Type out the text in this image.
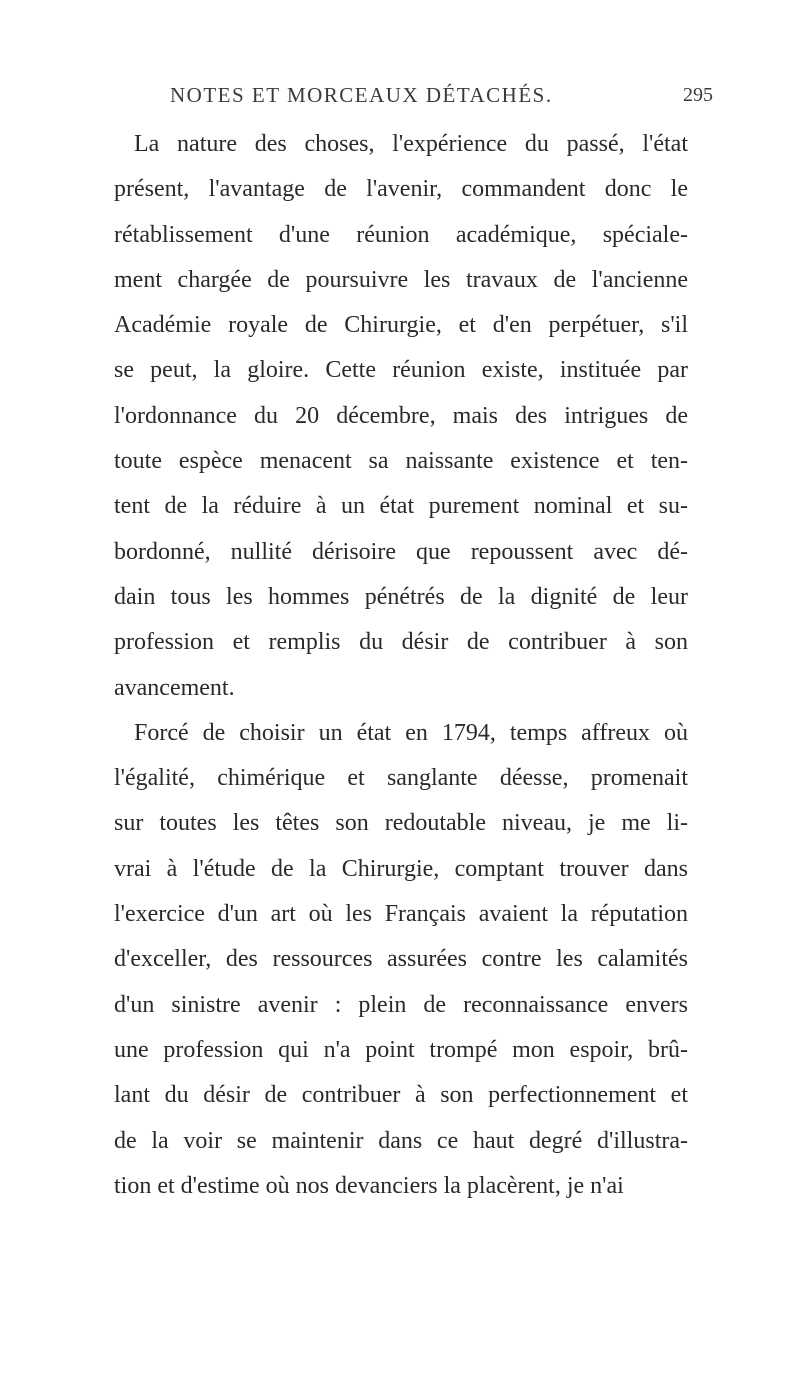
NOTES ET MORCEAUX DÉTACHÉS.	295
La nature des choses, l'expérience du passé, l'état
présent, l'avantage de l'avenir, commandent donc le
rétablissement d'une réunion académique, spéciale-
ment chargée de poursuivre les travaux de l'ancienne
Académie royale de Chirurgie, et d'en perpétuer, s'il
se peut, la gloire. Cette réunion existe, instituée par
l'ordonnance du 20 décembre, mais des intrigues de
toute espèce menacent sa naissante existence et ten-
tent de la réduire à un état purement nominal et su-
bordonné, nullité dérisoire que repoussent avec dé-
dain tous les hommes pénétrés de la dignité de leur
profession et remplis du désir de contribuer à son
avancement.
Forcé de choisir un état en 1794, temps affreux où
l'égalité, chimérique et sanglante déesse, promenait
sur toutes les têtes son redoutable niveau, je me li-
vrai à l'étude de la Chirurgie, comptant trouver dans
l'exercice d'un art où les Français avaient la réputation
d'exceller, des ressources assurées contre les calamités
d'un sinistre avenir : plein de reconnaissance envers
une profession qui n'a point trompé mon espoir, brû-
lant du désir de contribuer à son perfectionnement et
de la voir se maintenir dans ce haut degré d'illustra-
tion et d'estime où nos devanciers la placèrent, je n'ai
